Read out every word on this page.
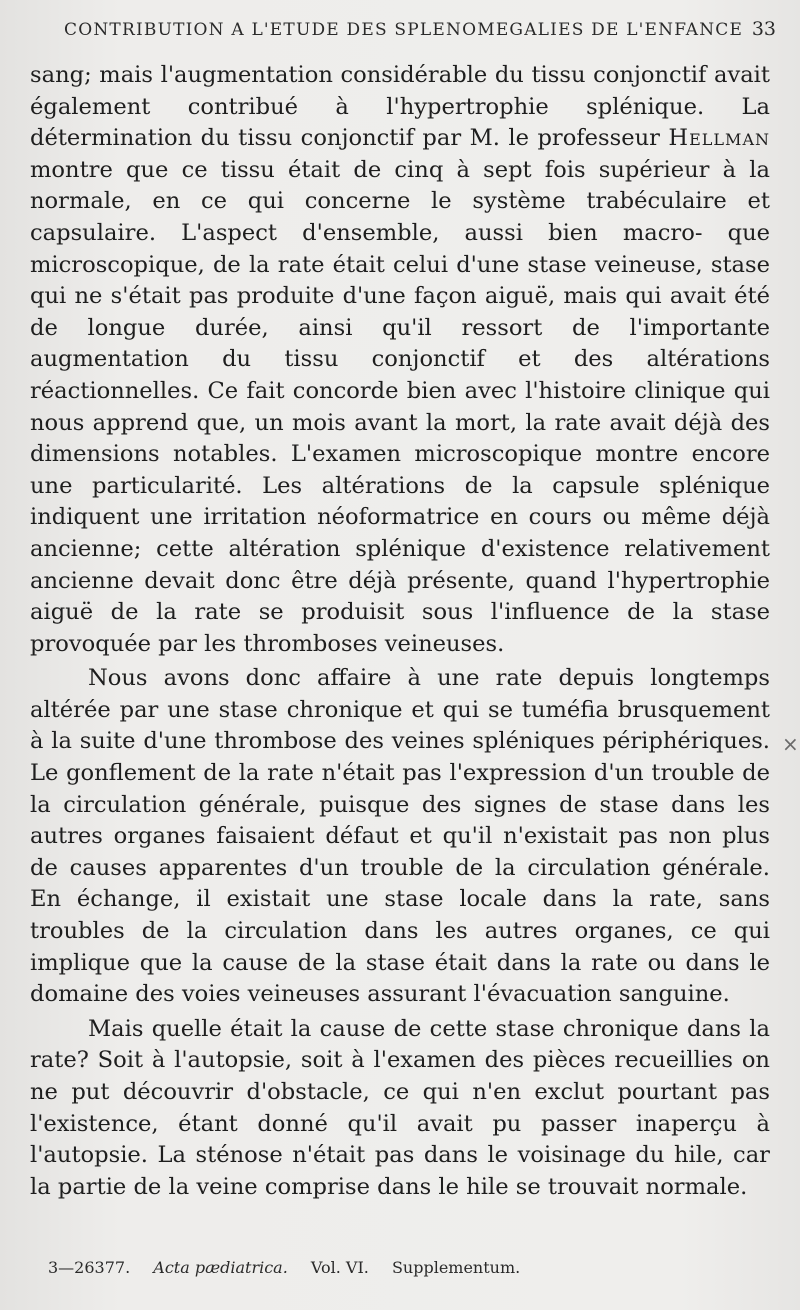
CONTRIBUTION A L'ETUDE DES SPLENOMEGALIES DE L'ENFANCE 33

sang; mais l'augmentation considérable du tissu conjonctif avait également contribué à l'hypertrophie splénique. La détermination du tissu conjonctif par M. le professeur Hellman montre que ce tissu était de cinq à sept fois supérieur à la normale, en ce qui concerne le système trabéculaire et capsulaire. L'aspect d'ensemble, aussi bien macro- que microscopique, de la rate était celui d'une stase veineuse, stase qui ne s'était pas produite d'une façon aiguë, mais qui avait été de longue durée, ainsi qu'il ressort de l'importante augmentation du tissu conjonctif et des altérations réactionnelles. Ce fait concorde bien avec l'histoire clinique qui nous apprend que, un mois avant la mort, la rate avait déjà des dimensions notables. L'examen microscopique montre encore une particularité. Les altérations de la capsule splénique indiquent une irritation néoformatrice en cours ou même déjà ancienne; cette altération splénique d'existence relativement ancienne devait donc être déjà présente, quand l'hypertrophie aiguë de la rate se produisit sous l'influence de la stase provoquée par les thromboses veineuses.

Nous avons donc affaire à une rate depuis longtemps altérée par une stase chronique et qui se tuméfia brusquement à la suite d'une thrombose des veines spléniques périphériques. Le gonflement de la rate n'était pas l'expression d'un trouble de la circulation générale, puisque des signes de stase dans les autres organes faisaient défaut et qu'il n'existait pas non plus de causes apparentes d'un trouble de la circulation générale. En échange, il existait une stase locale dans la rate, sans troubles de la circulation dans les autres organes, ce qui implique que la cause de la stase était dans la rate ou dans le domaine des voies veineuses assurant l'évacuation sanguine.

Mais quelle était la cause de cette stase chronique dans la rate? Soit à l'autopsie, soit à l'examen des pièces recueillies on ne put découvrir d'obstacle, ce qui n'en exclut pourtant pas l'existence, étant donné qu'il avait pu passer inaperçu à l'autopsie. La sténose n'était pas dans le voisinage du hile, car la partie de la veine comprise dans le hile se trouvait normale.

×
3—26377. Acta pædiatrica. Vol. VI. Supplementum.
